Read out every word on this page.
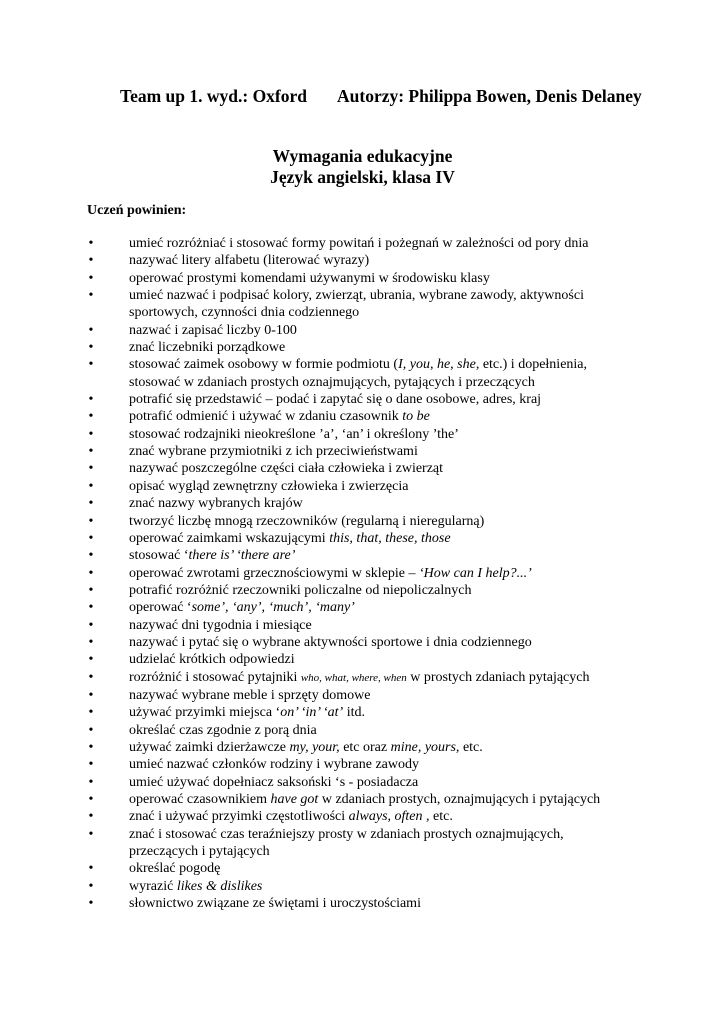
Team up 1. wyd.: Oxford Autorzy: Philippa Bowen, Denis Delaney
Wymagania edukacyjne
Język angielski, klasa IV
Uczeń powinien:
•	umieć rozróżniać i stosować formy powitań i pożegnań w zależności od pory dnia
•	nazywać litery alfabetu (literować wyrazy)
•	operować prostymi komendami używanymi w środowisku klasy
•	umieć nazwać i podpisać kolory, zwierząt, ubrania, wybrane zawody, aktywności
sportowych, czynności dnia codziennego
•	nazwać i zapisać liczby 0-100
•	znać liczebniki porządkowe
•	stosować zaimek osobowy w formie podmiotu (I, you, he, she, etc.) i dopełnienia,
stosować w zdaniach prostych oznajmujących, pytających i przeczących
•	potrafić się przedstawić – podać i zapytać się o dane osobowe, adres, kraj
•	potrafić odmienić i używać w zdaniu czasownik to be
•	stosować rodzajniki nieokreślone ’a’, ‘an’ i określony ’the’
•	znać wybrane przymiotniki z ich przeciwieństwami
•	nazywać poszczególne części ciała człowieka i zwierząt
•	opisać wygląd zewnętrzny człowieka i zwierzęcia
•	znać nazwy wybranych krajów
•	tworzyć liczbę mnogą rzeczowników (regularną i nieregularną)
•	operować zaimkami wskazującymi this, that, these, those
•	stosować ‘there is’ ‘there are’
•	operować zwrotami grzecznościowymi w sklepie – ‘How can I help?...’
•	potrafić rozróżnić rzeczowniki policzalne od niepoliczalnych
•	operować ‘some’, ‘any’, ‘much’, ‘many’
•	nazywać dni tygodnia i miesiące
•	nazywać i pytać się o wybrane aktywności sportowe i dnia codziennego
•	udzielać krótkich odpowiedzi
•	rozróżnić i stosować pytajniki who, what, where, when w prostych zdaniach pytających
•	nazywać wybrane meble i sprzęty domowe
•	używać przyimki miejsca ‘on’ ‘in’ ‘at’ itd.
•	określać czas zgodnie z porą dnia
•	używać zaimki dzierżawcze my, your, etc oraz mine, yours, etc.
•	umieć nazwać członków rodziny i wybrane zawody
•	umieć używać dopełniacz saksoński ‘s - posiadacza
•	operować czasownikiem have got w zdaniach prostych, oznajmujących i pytających
•	znać i używać przyimki częstotliwości always, often , etc.
•	znać i stosować czas teraźniejszy prosty w zdaniach prostych oznajmujących,
przeczących i pytających
•	określać pogodę
•	wyrazić likes & dislikes
•	słownictwo związane ze świętami i uroczystościami
